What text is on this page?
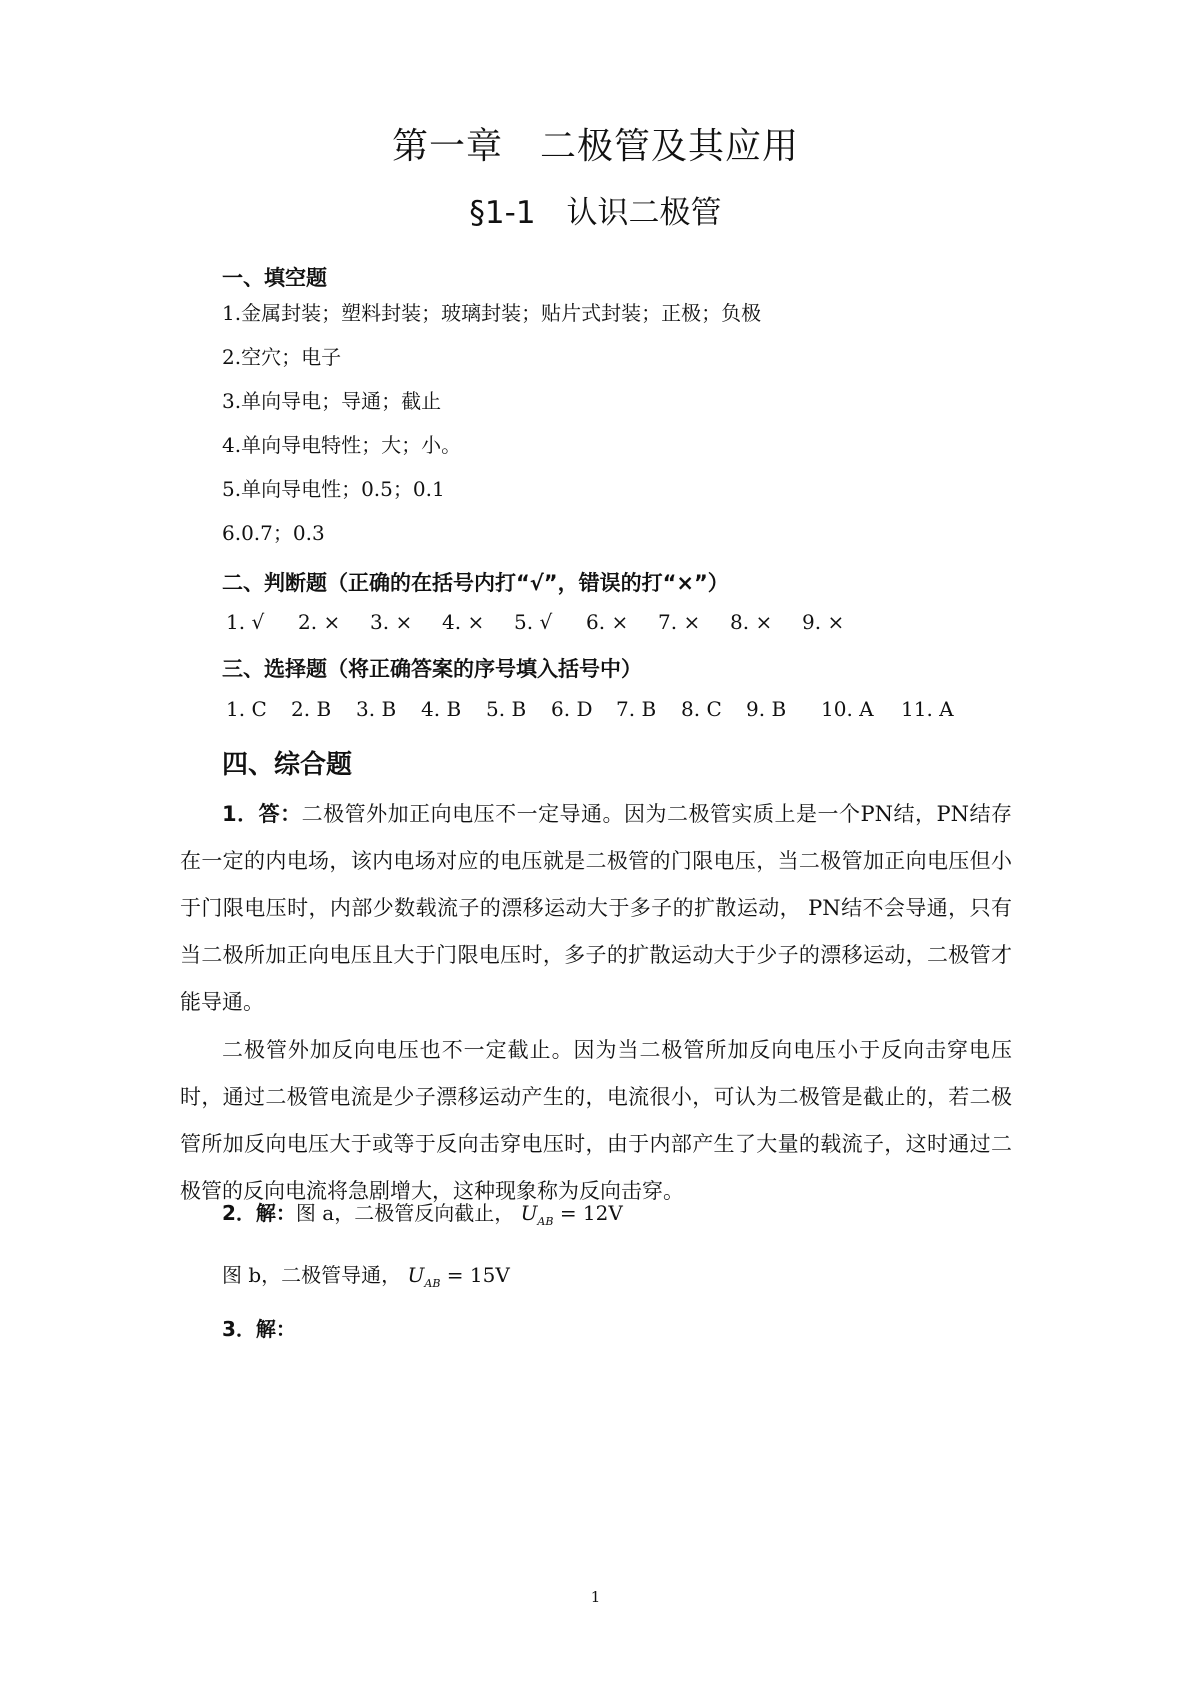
第一章　二极管及其应用
§1-1　认识二极管
一、填空题
1.金属封装；塑料封装；玻璃封装；贴片式封装；正极；负极
2.空穴；电子
3.单向导电；导通；截止
4.单向导电特性；大；小。
5.单向导电性；0.5；0.1
6.0.7；0.3
二、判断题（正确的在括号内打“√”，错误的打“×”）
1. √	2. ×	3. ×	4. ×	5. √	6. ×	7. ×	8. ×	9. ×
三、选择题（将正确答案的序号填入括号中）
1. C	2. B	3. B	4. B	5. B	6. D	7. B	8. C	9. B	10. A	11. A
四、综合题
1．答：二极管外加正向电压不一定导通。因为二极管实质上是一个PN结，PN结存在一定的内电场，该内电场对应的电压就是二极管的门限电压，当二极管加正向电压但小于门限电压时，内部少数载流子的漂移运动大于多子的扩散运动， PN结不会导通，只有当二极所加正向电压且大于门限电压时，多子的扩散运动大于少子的漂移运动，二极管才能导通。
二极管外加反向电压也不一定截止。因为当二极管所加反向电压小于反向击穿电压时，通过二极管电流是少子漂移运动产生的，电流很小，可认为二极管是截止的，若二极管所加反向电压大于或等于反向击穿电压时，由于内部产生了大量的载流子，这时通过二极管的反向电流将急剧增大，这种现象称为反向击穿。
2．解：图 a，二极管反向截止， $U_{AB} = 12V$
图 b，二极管导通， $U_{AB} = 15V$
3．解：
1
